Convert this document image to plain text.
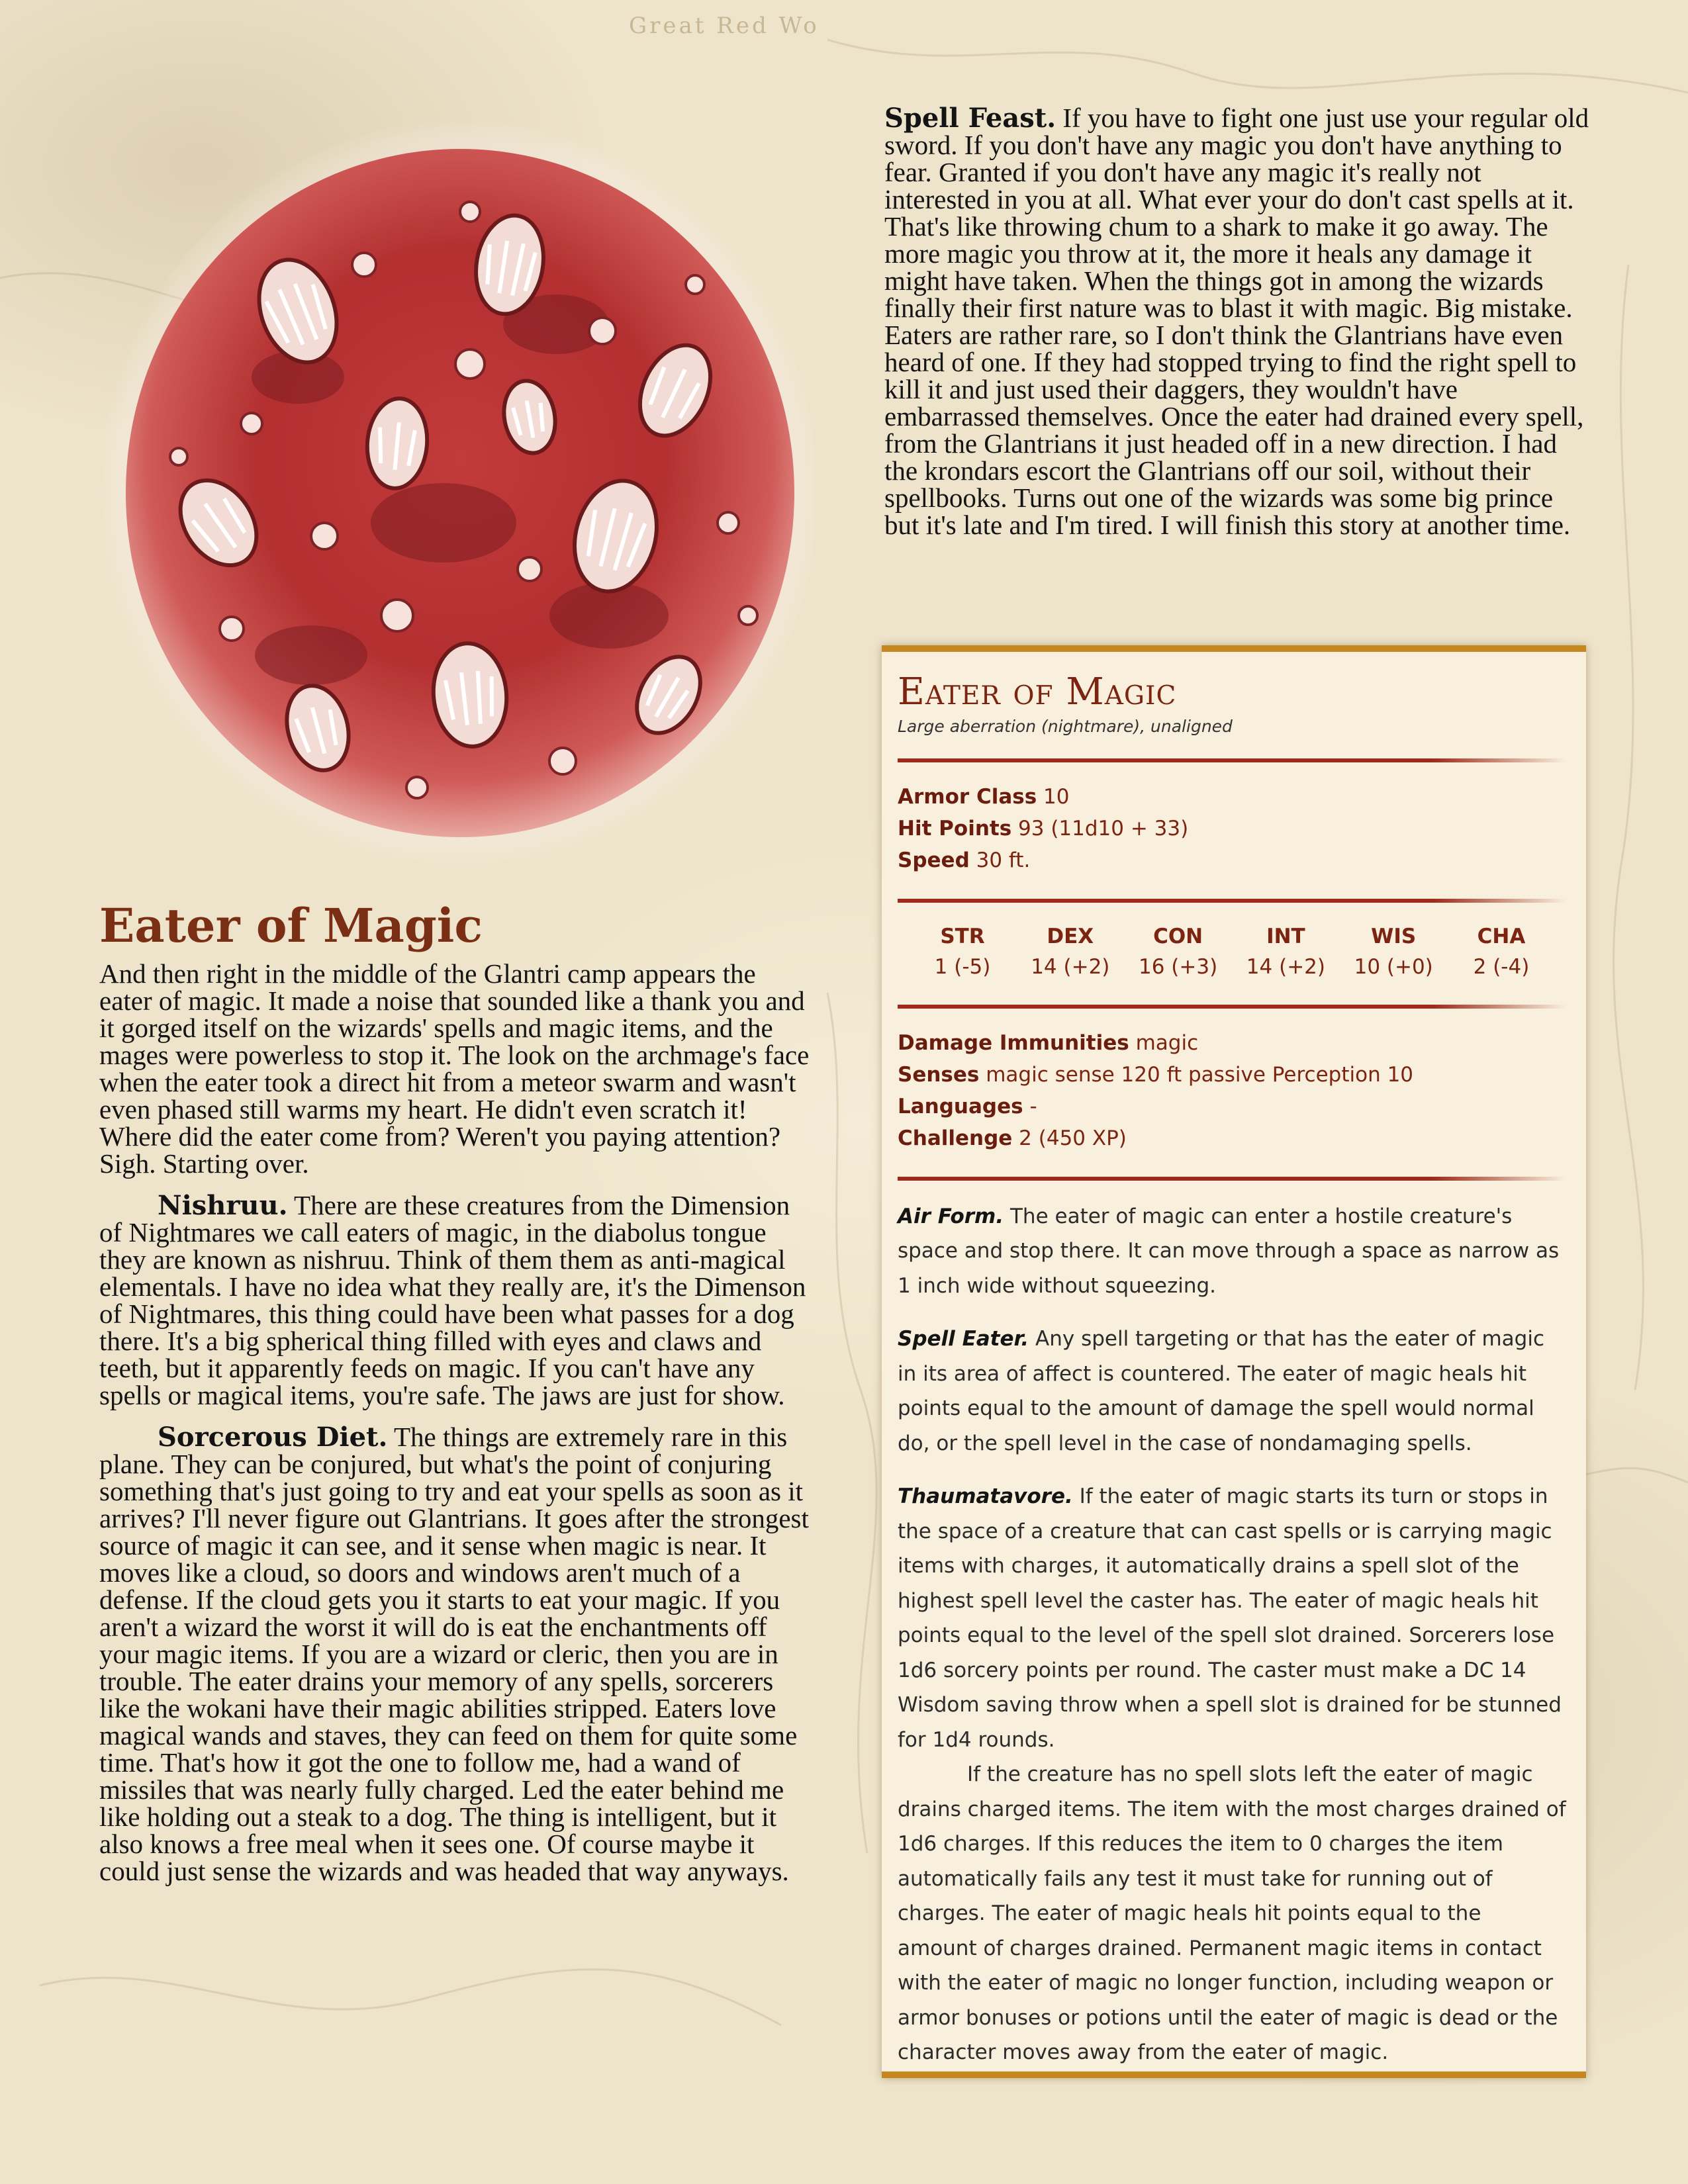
Great Red Wo
Eater of Magic

And then right in the middle of the Glantri camp appears the eater of magic. It made a noise that sounded like a thank you and it gorged itself on the wizards' spells and magic items, and the mages were powerless to stop it. The look on the archmage's face when the eater took a direct hit from a meteor swarm and wasn't even phased still warms my heart. He didn't even scratch it! Where did the eater come from? Weren't you paying attention? Sigh. Starting over.

Nishruu. There are these creatures from the Dimension of Nightmares we call eaters of magic, in the diabolus tongue they are known as nishruu. Think of them them as anti-magical elementals. I have no idea what they really are, it's the Dimenson of Nightmares, this thing could have been what passes for a dog there. It's a big spherical thing filled with eyes and claws and teeth, but it apparently feeds on magic. If you can't have any spells or magical items, you're safe. The jaws are just for show.

Sorcerous Diet. The things are extremely rare in this plane. They can be conjured, but what's the point of conjuring something that's just going to try and eat your spells as soon as it arrives? I'll never figure out Glantrians. It goes after the strongest source of magic it can see, and it sense when magic is near. It moves like a cloud, so doors and windows aren't much of a defense. If the cloud gets you it starts to eat your magic. If you aren't a wizard the worst it will do is eat the enchantments off your magic items. If you are a wizard or cleric, then you are in trouble. The eater drains your memory of any spells, sorcerers like the wokani have their magic abilities stripped. Eaters love magical wands and staves, they can feed on them for quite some time. That's how it got the one to follow me, had a wand of missiles that was nearly fully charged. Led the eater behind me like holding out a steak to a dog. The thing is intelligent, but it also knows a free meal when it sees one. Of course maybe it could just sense the wizards and was headed that way anyways.

Spell Feast. If you have to fight one just use your regular old sword. If you don't have any magic you don't have anything to fear. Granted if you don't have any magic it's really not interested in you at all. What ever your do don't cast spells at it. That's like throwing chum to a shark to make it go away. The more magic you throw at it, the more it heals any damage it might have taken. When the things got in among the wizards finally their first nature was to blast it with magic. Big mistake. Eaters are rather rare, so I don't think the Glantrians have even heard of one. If they had stopped trying to find the right spell to kill it and just used their daggers, they wouldn't have embarrassed themselves. Once the eater had drained every spell, from the Glantrians it just headed off in a new direction. I had the krondars escort the Glantrians off our soil, without their spellbooks. Turns out one of the wizards was some big prince but it's late and I'm tired. I will finish this story at another time.

Eater of Magic
Large aberration (nightmare), unaligned
Armor Class 10
Hit Points 93 (11d10 + 33)
Speed 30 ft.
STR
1 (-5)
DEX
14 (+2)
CON
16 (+3)
INT
14 (+2)
WIS
10 (+0)
CHA
2 (-4)
Damage Immunities magic
Senses magic sense 120 ft passive Perception 10
Languages -
Challenge 2 (450 XP)

Air Form. The eater of magic can enter a hostile creature's space and stop there. It can move through a space as narrow as 1 inch wide without squeezing.

Spell Eater. Any spell targeting or that has the eater of magic in its area of affect is countered. The eater of magic heals hit points equal to the amount of damage the spell would normal do, or the spell level in the case of nondamaging spells.

Thaumatavore. If the eater of magic starts its turn or stops in the space of a creature that can cast spells or is carrying magic items with charges, it automatically drains a spell slot of the highest spell level the caster has. The eater of magic heals hit points equal to the level of the spell slot drained. Sorcerers lose 1d6 sorcery points per round. The caster must make a DC 14 Wisdom saving throw when a spell slot is drained for be stunned for 1d4 rounds.

If the creature has no spell slots left the eater of magic drains charged items. The item with the most charges drained of 1d6 charges. If this reduces the item to 0 charges the item automatically fails any test it must take for running out of charges. The eater of magic heals hit points equal to the amount of charges drained. Permanent magic items in contact with the eater of magic no longer function, including weapon or armor bonuses or potions until the eater of magic is dead or the character moves away from the eater of magic.
